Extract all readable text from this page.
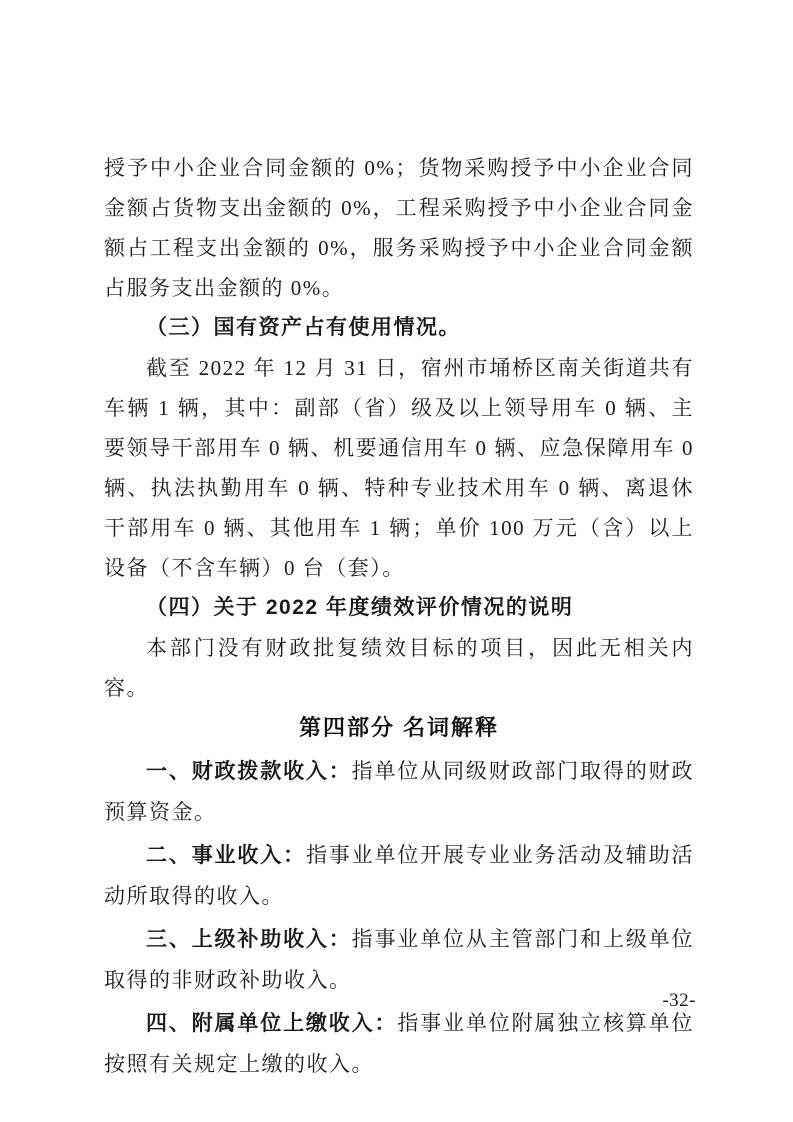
授予中小企业合同金额的 0%；货物采购授予中小企业合同金额占货物支出金额的 0%，工程采购授予中小企业合同金额占工程支出金额的 0%，服务采购授予中小企业合同金额占服务支出金额的 0%。

（三）国有资产占有使用情况。

截至 2022 年 12 月 31 日，宿州市埇桥区南关街道共有车辆 1 辆，其中：副部（省）级及以上领导用车 0 辆、主要领导干部用车 0 辆、机要通信用车 0 辆、应急保障用车 0 辆、执法执勤用车 0 辆、特种专业技术用车 0 辆、离退休干部用车 0 辆、其他用车 1 辆；单价 100 万元（含）以上设备（不含车辆）0 台（套）。

（四）关于 2022 年度绩效评价情况的说明

本部门没有财政批复绩效目标的项目，因此无相关内容。

第四部分 名词解释

一、财政拨款收入：指单位从同级财政部门取得的财政预算资金。

二、事业收入：指事业单位开展专业业务活动及辅助活动所取得的收入。

三、上级补助收入：指事业单位从主管部门和上级单位取得的非财政补助收入。

四、附属单位上缴收入：指事业单位附属独立核算单位按照有关规定上缴的收入。

-32-
